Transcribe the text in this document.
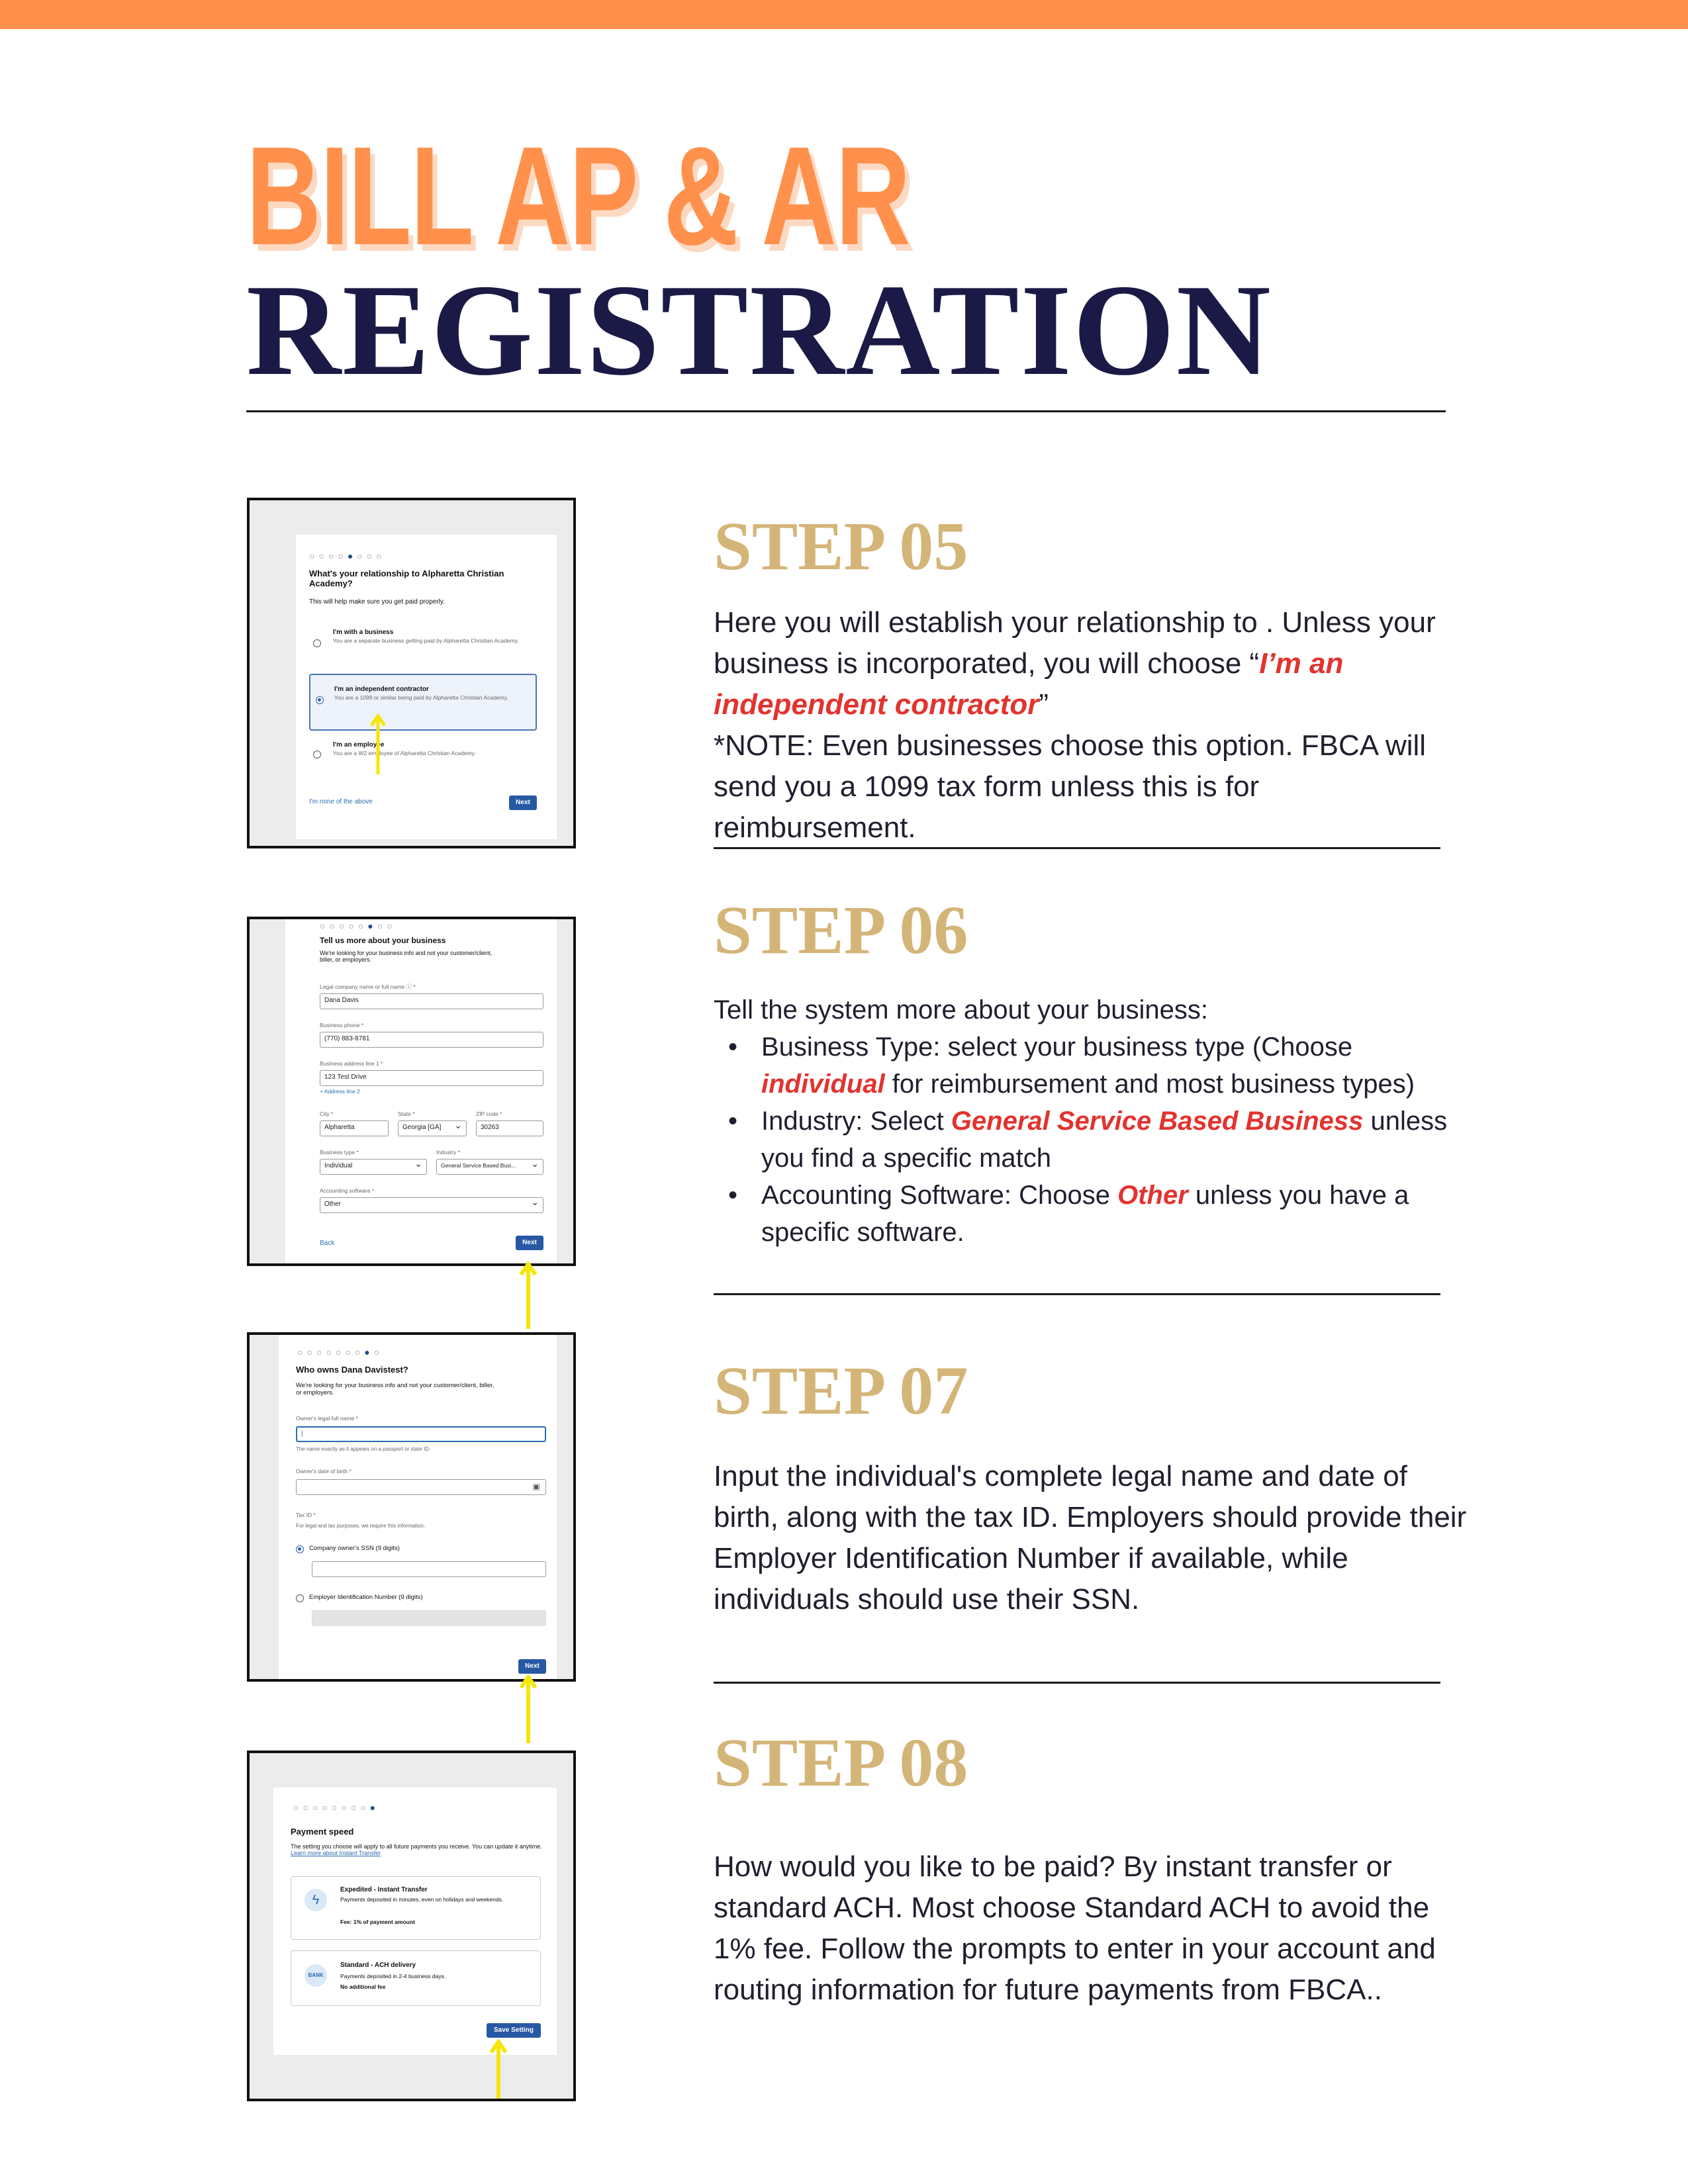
BILL AP & AR
REGISTRATION
○○○○●○○○
What's your relationship to Alpharetta Christian Academy?
This will help make sure you get paid properly.
I'm with a business
You are a separate business getting paid by Alpharetta Christian Academy.
I'm an independent contractor
You are a 1099 or similar being paid by Alpharetta Christian Academy.
I'm an employee
You are a W2 employee of Alpharetta Christian Academy.
I'm none of the above	Next
STEP 05
Here you will establish your relationship to . Unless your business is incorporated, you will choose “I’m an independent contractor”
*NOTE: Even businesses choose this option. FBCA will send you a 1099 tax form unless this is for reimbursement.
○○○○○●○○
Tell us more about your business
We're looking for your business info and not your customer/client, biller, or employers.
Legal company name or full name ⓘ *
Dana Davis
Business phone *
(770) 883-8781
Business address line 1 *
123 Test Drive
+ Address line 2
City *
Alpharetta
State *
Georgia [GA]
⌄
ZIP code *
30263
Business type *
Individual
⌄
Industry *
General Service Based Busi...
⌄
Accounting software *
Other
⌄
Back	Next
STEP 06
Tell the system more about your business:
• Business Type: select your business type (Choose individual for reimbursement and most business types)
• Industry: Select General Service Based Business unless you find a specific match
• Accounting Software: Choose Other unless you have a specific software.
○○○○○○○●○
Who owns Dana Davistest?
We're looking for your business info and not your customer/client, biller, or employers.
Owner's legal full name *
|
The name exactly as it appears on a passport or state ID.
Owner's date of birth *
▣
Tax ID *
For legal and tax purposes, we require this information.
Company owner's SSN (9 digits)
Employer Identification Number (9 digits)
Next
STEP 07
Input the individual's complete legal name and date of birth, along with the tax ID. Employers should provide their Employer Identification Number if available, while individuals should use their SSN.
○○○○○○○○●
Payment speed
The setting you choose will apply to all future payments you receive. You can update it anytime. Learn more about Instant Transfer
ϟ
Expedited - Instant Transfer
Payments deposited in minutes, even on holidays and weekends.
Fee: 1% of payment amount
BANK
Standard - ACH delivery
Payments deposited in 2-4 business days.
No additional fee
Save Setting
STEP 08
How would you like to be paid? By instant transfer or standard ACH. Most choose Standard ACH to avoid the 1% fee. Follow the prompts to enter in your account and routing information for future payments from FBCA..
